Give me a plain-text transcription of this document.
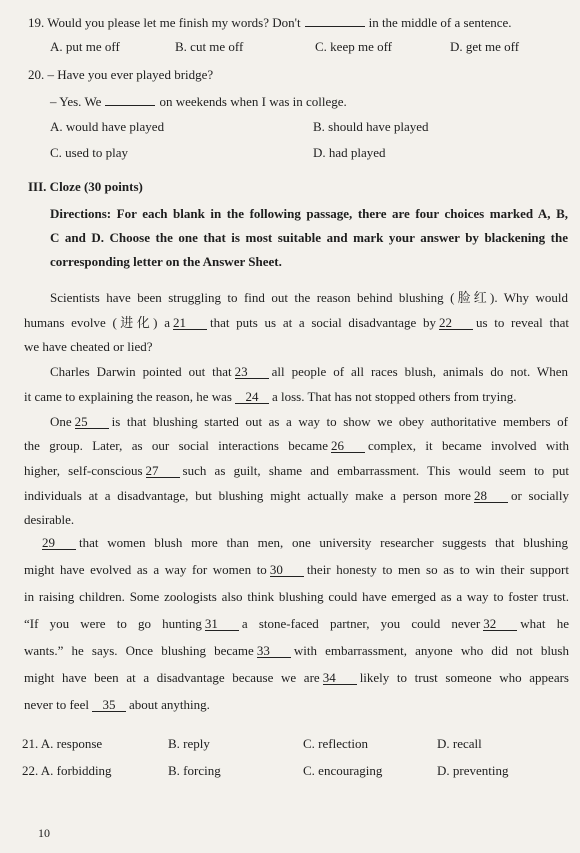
19. Would you please let me finish my words? Don't	in the middle of a sentence.
A. put me off	B. cut me off	C. keep me off	D. get me off
20. – Have you ever played bridge?
– Yes. We	on weekends when I was in college.
A. would have played	B. should have played
C. used to play	D. had played
III. Cloze (30 points)
Directions: For each blank in the following passage, there are four choices marked A, B,
C and D. Choose the one that is most suitable and mark your answer by blackening the
corresponding letter on the Answer Sheet.
Scientists have been struggling to find out the reason behind blushing (脸红). Why would
humans evolve (进化) a 21 that puts us at a social disadvantage by 22 us to reveal that
we have cheated or lied?
Charles Darwin pointed out that 23 all people of all races blush, animals do not. When
it came to explaining the reason, he was 24 a loss. That has not stopped others from trying.
One 25 is that blushing started out as a way to show we obey authoritative members of
the group. Later, as our social interactions became 26 complex, it became involved with
higher, self-conscious 27 such as guilt, shame and embarrassment. This would seem to put
individuals at a disadvantage, but blushing might actually make a person more 28 or socially
desirable.
29 that women blush more than men, one university researcher suggests that blushing
might have evolved as a way for women to 30 their honesty to men so as to win their support
in raising children. Some zoologists also think blushing could have emerged as a way to foster trust.
“If you were to go hunting 31 a stone-faced partner, you could never 32 what he
wants.” he says. Once blushing became 33 with embarrassment, anyone who did not blush
might have been at a disadvantage because we are 34 likely to trust someone who appears
never to feel 35 about anything.
21. A. response	B. reply	C. reflection	D. recall
22. A. forbidding	B. forcing	C. encouraging	D. preventing
10
